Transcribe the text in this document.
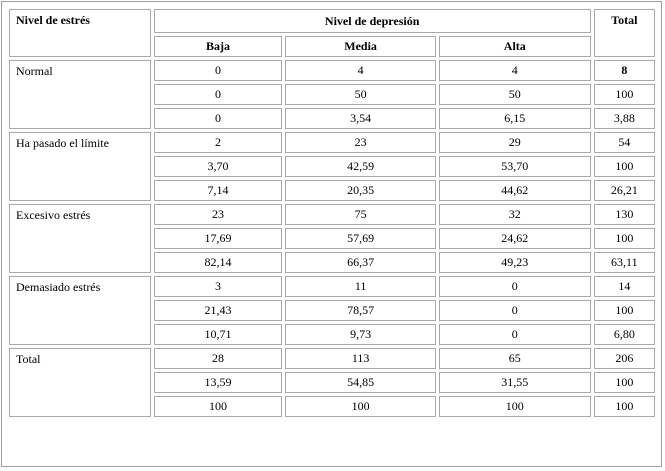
Nivel de estrés	Nivel de depresión			Total
	Baja	Media	Alta	
Normal	0	4	4	8
	0	50	50	100
	0	3,54	6,15	3,88
Ha pasado el límite	2	23	29	54
	3,70	42,59	53,70	100
	7,14	20,35	44,62	26,21
Excesivo estrés	23	75	32	130
	17,69	57,69	24,62	100
	82,14	66,37	49,23	63,11
Demasiado estrés	3	11	0	14
	21,43	78,57	0	100
	10,71	9,73	0	6,80
Total	28	113	65	206
	13,59	54,85	31,55	100
	100	100	100	100
